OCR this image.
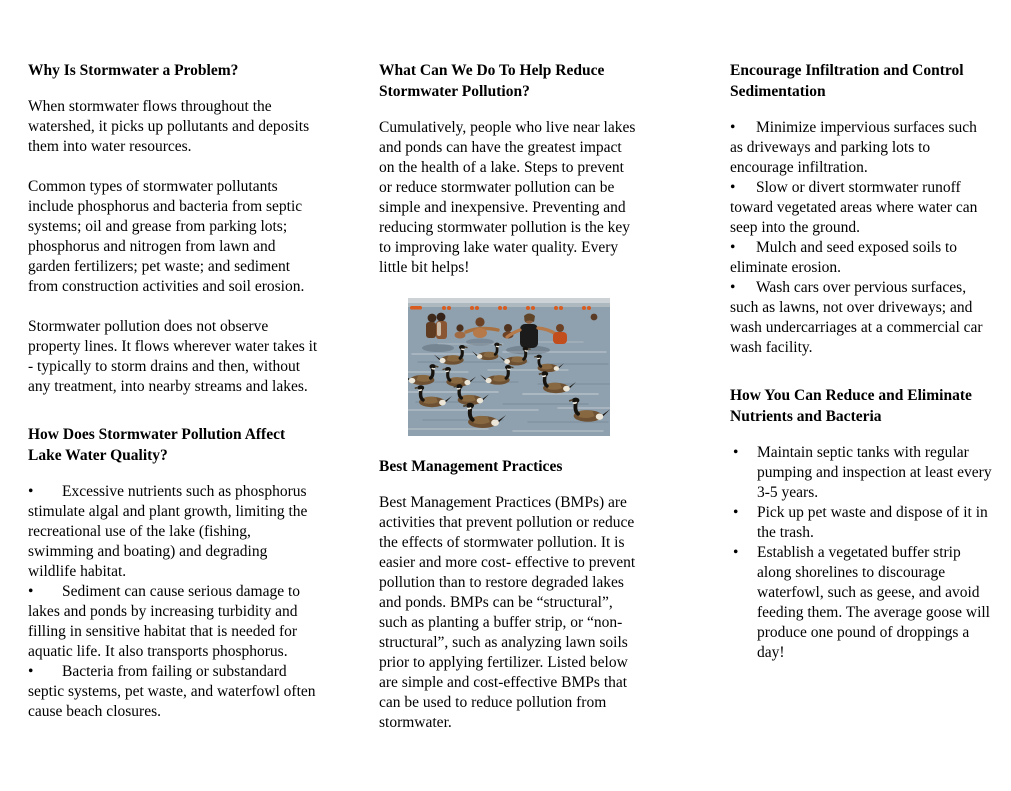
Why Is Stormwater a Problem?

When stormwater flows throughout the watershed, it picks up pollutants and deposits them into water resources.

Common types of stormwater pollutants include phosphorus and bacteria from septic systems; oil and grease from parking lots; phosphorus and nitrogen from lawn and garden fertilizers; pet waste; and sediment from construction activities and soil erosion.

Stormwater pollution does not observe property lines. It flows wherever water takes it - typically to storm drains and then, without any treatment, into nearby streams and lakes.

How Does Stormwater Pollution Affect Lake Water Quality?

• Excessive nutrients such as phosphorus stimulate algal and plant growth, limiting the recreational use of the lake (fishing, swimming and boating) and degrading wildlife habitat.

• Sediment can cause serious damage to lakes and ponds by increasing turbidity and filling in sensitive habitat that is needed for aquatic life. It also transports phosphorus.

• Bacteria from failing or substandard septic systems, pet waste, and waterfowl often cause beach closures.

What Can We Do To Help Reduce Stormwater Pollution?

Cumulatively, people who live near lakes and ponds can have the greatest impact on the health of a lake. Steps to prevent or reduce stormwater pollution can be simple and inexpensive. Preventing and reducing stormwater pollution is the key to improving lake water quality. Every little bit helps!

Best Management Practices

Best Management Practices (BMPs) are activities that prevent pollution or reduce the effects of stormwater pollution. It is easier and more cost- effective to prevent pollution than to restore degraded lakes and ponds. BMPs can be “structural”, such as planting a buffer strip, or “non-structural”, such as analyzing lawn soils prior to applying fertilizer. Listed below are simple and cost-effective BMPs that can be used to reduce pollution from stormwater.

Encourage Infiltration and Control Sedimentation

• Minimize impervious surfaces such as driveways and parking lots to encourage infiltration.

• Slow or divert stormwater runoff toward vegetated areas where water can seep into the ground.

• Mulch and seed exposed soils to eliminate erosion.

• Wash cars over pervious surfaces, such as lawns, not over driveways; and wash undercarriages at a commercial car wash facility.

How You Can Reduce and Eliminate Nutrients and Bacteria

• Maintain septic tanks with regular pumping and inspection at least every 3-5 years.

• Pick up pet waste and dispose of it in the trash.

• Establish a vegetated buffer strip along shorelines to discourage waterfowl, such as geese, and avoid feeding them. The average goose will produce one pound of droppings a day!
